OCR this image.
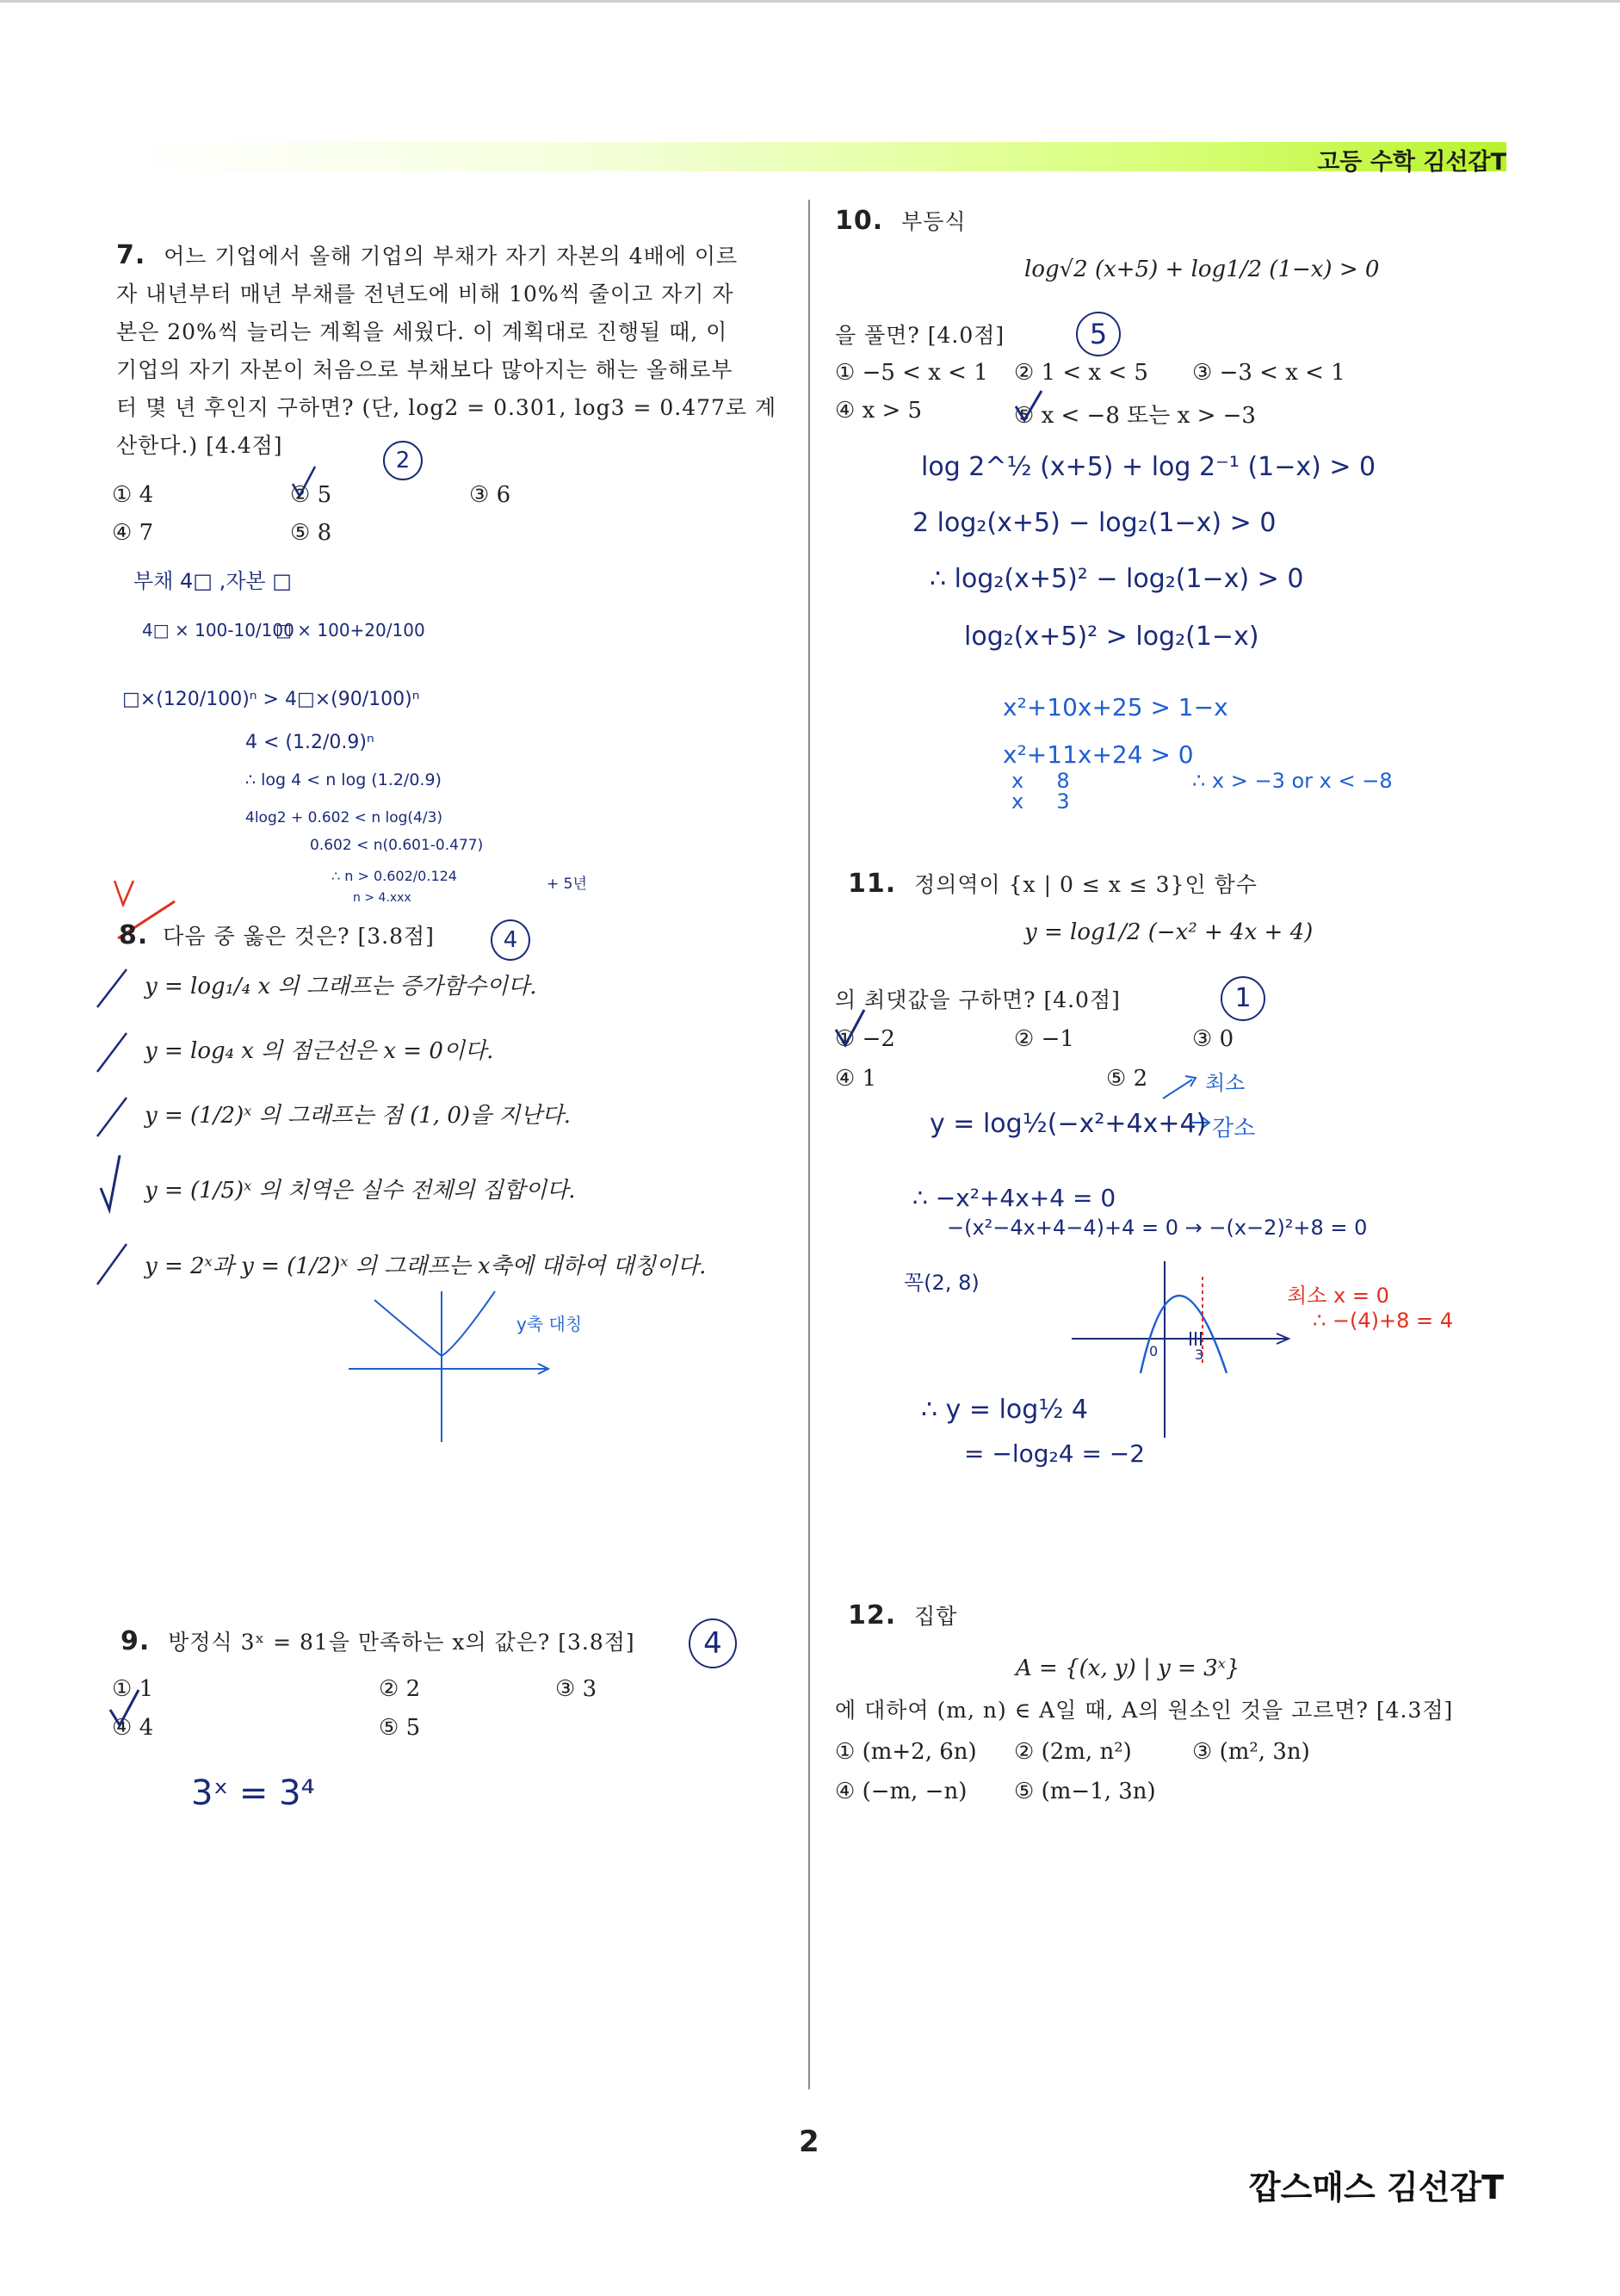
고등 수학 김선갑T
7. 어느 기업에서 올해 기업의 부채가 자기 자본의 4배에 이르
자 내년부터 매년 부채를 전년도에 비해 10%씩 줄이고 자기 자
본은 20%씩 늘리는 계획을 세웠다. 이 계획대로 진행될 때, 이
기업의 자기 자본이 처음으로 부채보다 많아지는 해는 올해로부
터 몇 년 후인지 구하면? (단, log2 = 0.301, log3 = 0.477로 계
산한다.) [4.4점]
2
① 4	② 5	③ 6
④ 7	⑤ 8
부채 4□ ,자본 □
4□ × 100-10/100
□ × 100+20/100
□×(120/100)ⁿ > 4□×(90/100)ⁿ
4 < (1.2/0.9)ⁿ
∴ log 4 < n log (1.2/0.9)
4log2 + 0.602 < n log(4/3)
0.602 < n(0.601-0.477)
∴ n > 0.602/0.124
n > 4.xxx
+ 5년
8. 다음 중 옳은 것은? [3.8점]	4
y = log₁/₄ x 의 그래프는 증가함수이다.
y = log₄ x 의 점근선은 x = 0이다.
y = (1/2)ˣ 의 그래프는 점 (1, 0)을 지난다.
y = (1/5)ˣ 의 치역은 실수 전체의 집합이다.
y = 2ˣ과 y = (1/2)ˣ 의 그래프는 x축에 대하여 대칭이다.
y축 대칭
9. 방정식 3ˣ = 81을 만족하는 x의 값은? [3.8점]	4
① 1	② 2	③ 3
④ 4	⑤ 5
3ˣ = 3⁴
10. 부등식
log√2 (x+5) + log1/2 (1−x) > 0
을 풀면? [4.0점]	5
① −5 < x < 1 ② 1 < x < 5 ③ −3 < x < 1
④ x > 5	⑤ x < −8 또는 x > −3
log 2^½ (x+5) + log 2⁻¹ (1−x) > 0
2 log₂(x+5) − log₂(1−x) > 0
∴ log₂(x+5)² − log₂(1−x) > 0
log₂(x+5)² > log₂(1−x)
x²+10x+25 > 1−x
x²+11x+24 > 0
x     8
x     3
∴ x > −3 or x < −8
11. 정의역이 {x | 0 ≤ x ≤ 3}인 함수
y = log1/2 (−x² + 4x + 4)
의 최댓값을 구하면? [4.0점]	1
① −2	② −1	③ 0
④ 1	⑤ 2	최소
감소
y = log½(−x²+4x+4)
∴ −x²+4x+4 = 0
−(x²−4x+4−4)+4 = 0 → −(x−2)²+8 = 0
꼭(2, 8)
∴ y = log½ 4
= −log₂4 = −2
최소 x = 0
∴ −(4)+8 = 4
0	3
12. 집합
A = {(x, y) | y = 3ˣ}
에 대하여 (m, n) ∈ A일 때, A의 원소인 것을 고르면? [4.3점]
① (m+2, 6n) ② (2m, n²)	③ (m², 3n)
④ (−m, −n) ⑤ (m−1, 3n)
2
깝스매스 김선갑T
